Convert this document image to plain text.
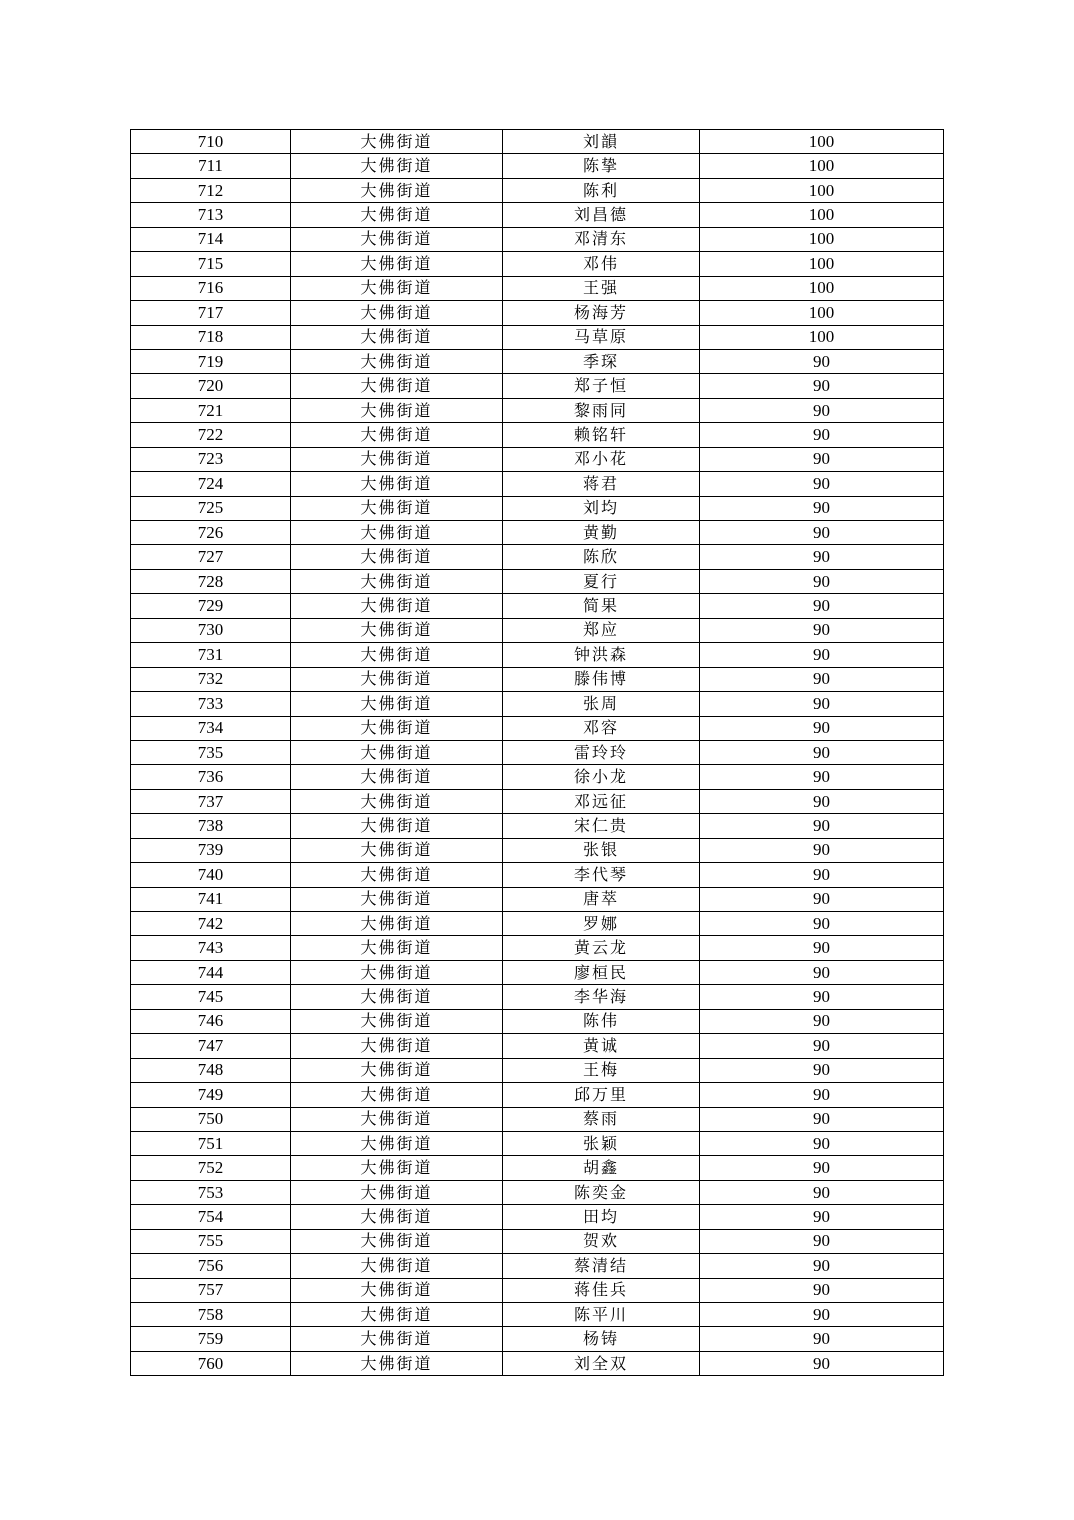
710	大佛街道	刘韻	100
711	大佛街道	陈挚	100
712	大佛街道	陈利	100
713	大佛街道	刘昌德	100
714	大佛街道	邓清东	100
715	大佛街道	邓伟	100
716	大佛街道	王强	100
717	大佛街道	杨海芳	100
718	大佛街道	马草原	100
719	大佛街道	季琛	90
720	大佛街道	郑子恒	90
721	大佛街道	黎雨同	90
722	大佛街道	赖铭轩	90
723	大佛街道	邓小花	90
724	大佛街道	蒋君	90
725	大佛街道	刘均	90
726	大佛街道	黄勤	90
727	大佛街道	陈欣	90
728	大佛街道	夏行	90
729	大佛街道	简果	90
730	大佛街道	郑应	90
731	大佛街道	钟洪森	90
732	大佛街道	滕伟博	90
733	大佛街道	张周	90
734	大佛街道	邓容	90
735	大佛街道	雷玲玲	90
736	大佛街道	徐小龙	90
737	大佛街道	邓远征	90
738	大佛街道	宋仁贵	90
739	大佛街道	张银	90
740	大佛街道	李代琴	90
741	大佛街道	唐萃	90
742	大佛街道	罗娜	90
743	大佛街道	黄云龙	90
744	大佛街道	廖桓民	90
745	大佛街道	李华海	90
746	大佛街道	陈伟	90
747	大佛街道	黄诚	90
748	大佛街道	王梅	90
749	大佛街道	邱万里	90
750	大佛街道	蔡雨	90
751	大佛街道	张颖	90
752	大佛街道	胡鑫	90
753	大佛街道	陈奕金	90
754	大佛街道	田均	90
755	大佛街道	贺欢	90
756	大佛街道	蔡清结	90
757	大佛街道	蒋佳兵	90
758	大佛街道	陈平川	90
759	大佛街道	杨铸	90
760	大佛街道	刘全双	90
